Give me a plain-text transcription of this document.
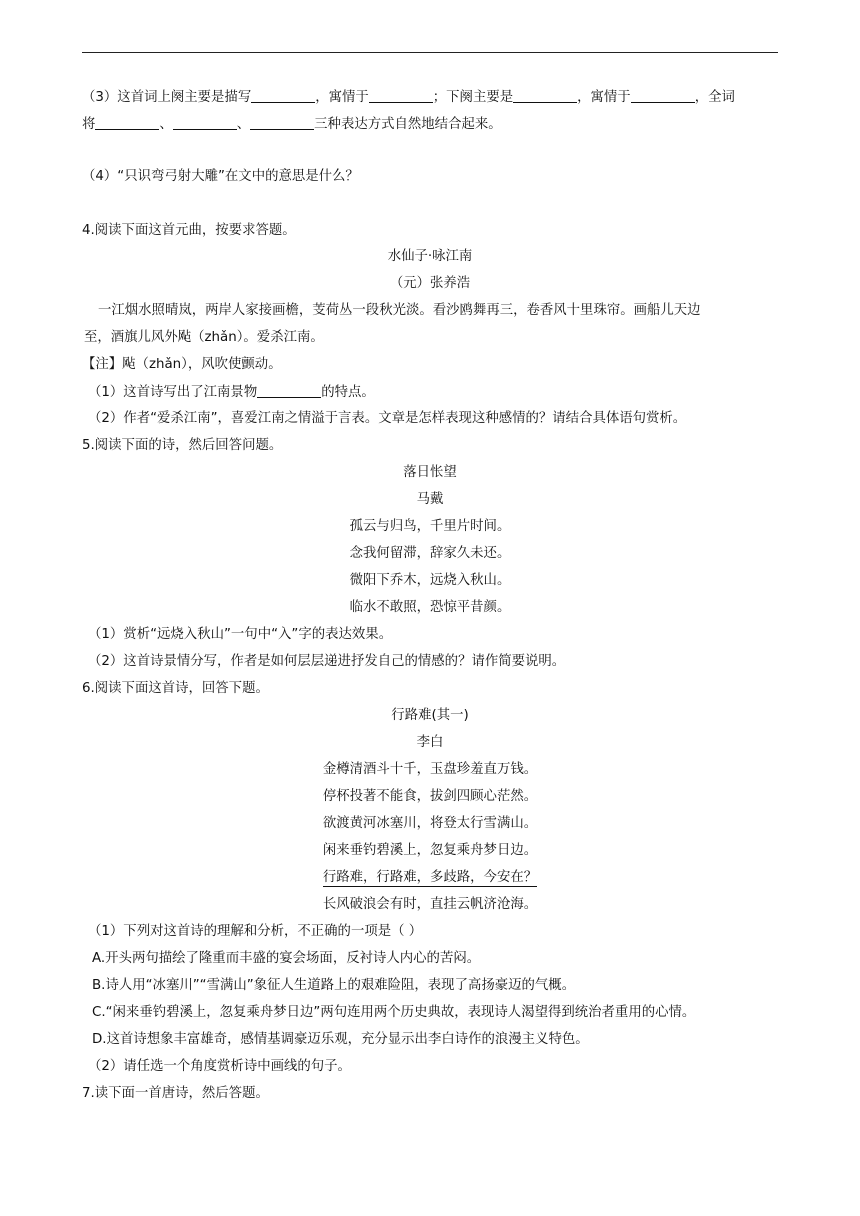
（3）这首词上阕主要是描写	，寓情于	；下阕主要是	，寓情于	，全词
将	、	、	三种表达方式自然地结合起来。
（4）“只识弯弓射大雕”在文中的意思是什么？
4.阅读下面这首元曲，按要求答题。
水仙子·咏江南
（元）张养浩
一江烟水照晴岚，两岸人家接画檐，芰荷丛一段秋光淡。看沙鸥舞再三，卷香风十里珠帘。画船儿天边
至，酒旗儿风外飐（zhǎn）。爱杀江南。
【注】飐（zhǎn），风吹使颤动。
（1）这首诗写出了江南景物	的特点。
（2）作者“爱杀江南”，喜爱江南之情溢于言表。文章是怎样表现这种感情的？请结合具体语句赏析。
5.阅读下面的诗，然后回答问题。
落日怅望
马戴
孤云与归鸟，千里片时间。
念我何留滞，辞家久未还。
微阳下乔木，远烧入秋山。
临水不敢照，恐惊平昔颜。
（1）赏析“远烧入秋山”一句中“入”字的表达效果。
（2）这首诗景情分写，作者是如何层层递进抒发自己的情感的？请作简要说明。
6.阅读下面这首诗，回答下题。
行路难(其一)
李白
金樽清酒斗十千，玉盘珍羞直万钱。
停杯投著不能食，拔剑四顾心茫然。
欲渡黄河冰塞川，将登太行雪满山。
闲来垂钓碧溪上，忽复乘舟梦日边。
行路难，行路难，多歧路，今安在？
长风破浪会有时，直挂云帆济沧海。
（1）下列对这首诗的理解和分析，不正确的一项是（ ）
A.开头两句描绘了隆重而丰盛的宴会场面，反衬诗人内心的苦闷。
B.诗人用“冰塞川”“雪满山”象征人生道路上的艰难险阻，表现了高扬豪迈的气概。
C.“闲来垂钓碧溪上，忽复乘舟梦日边”两句连用两个历史典故，表现诗人渴望得到统治者重用的心情。
D.这首诗想象丰富雄奇，感情基调豪迈乐观，充分显示出李白诗作的浪漫主义特色。
（2）请任选一个角度赏析诗中画线的句子。
7.读下面一首唐诗，然后答题。
